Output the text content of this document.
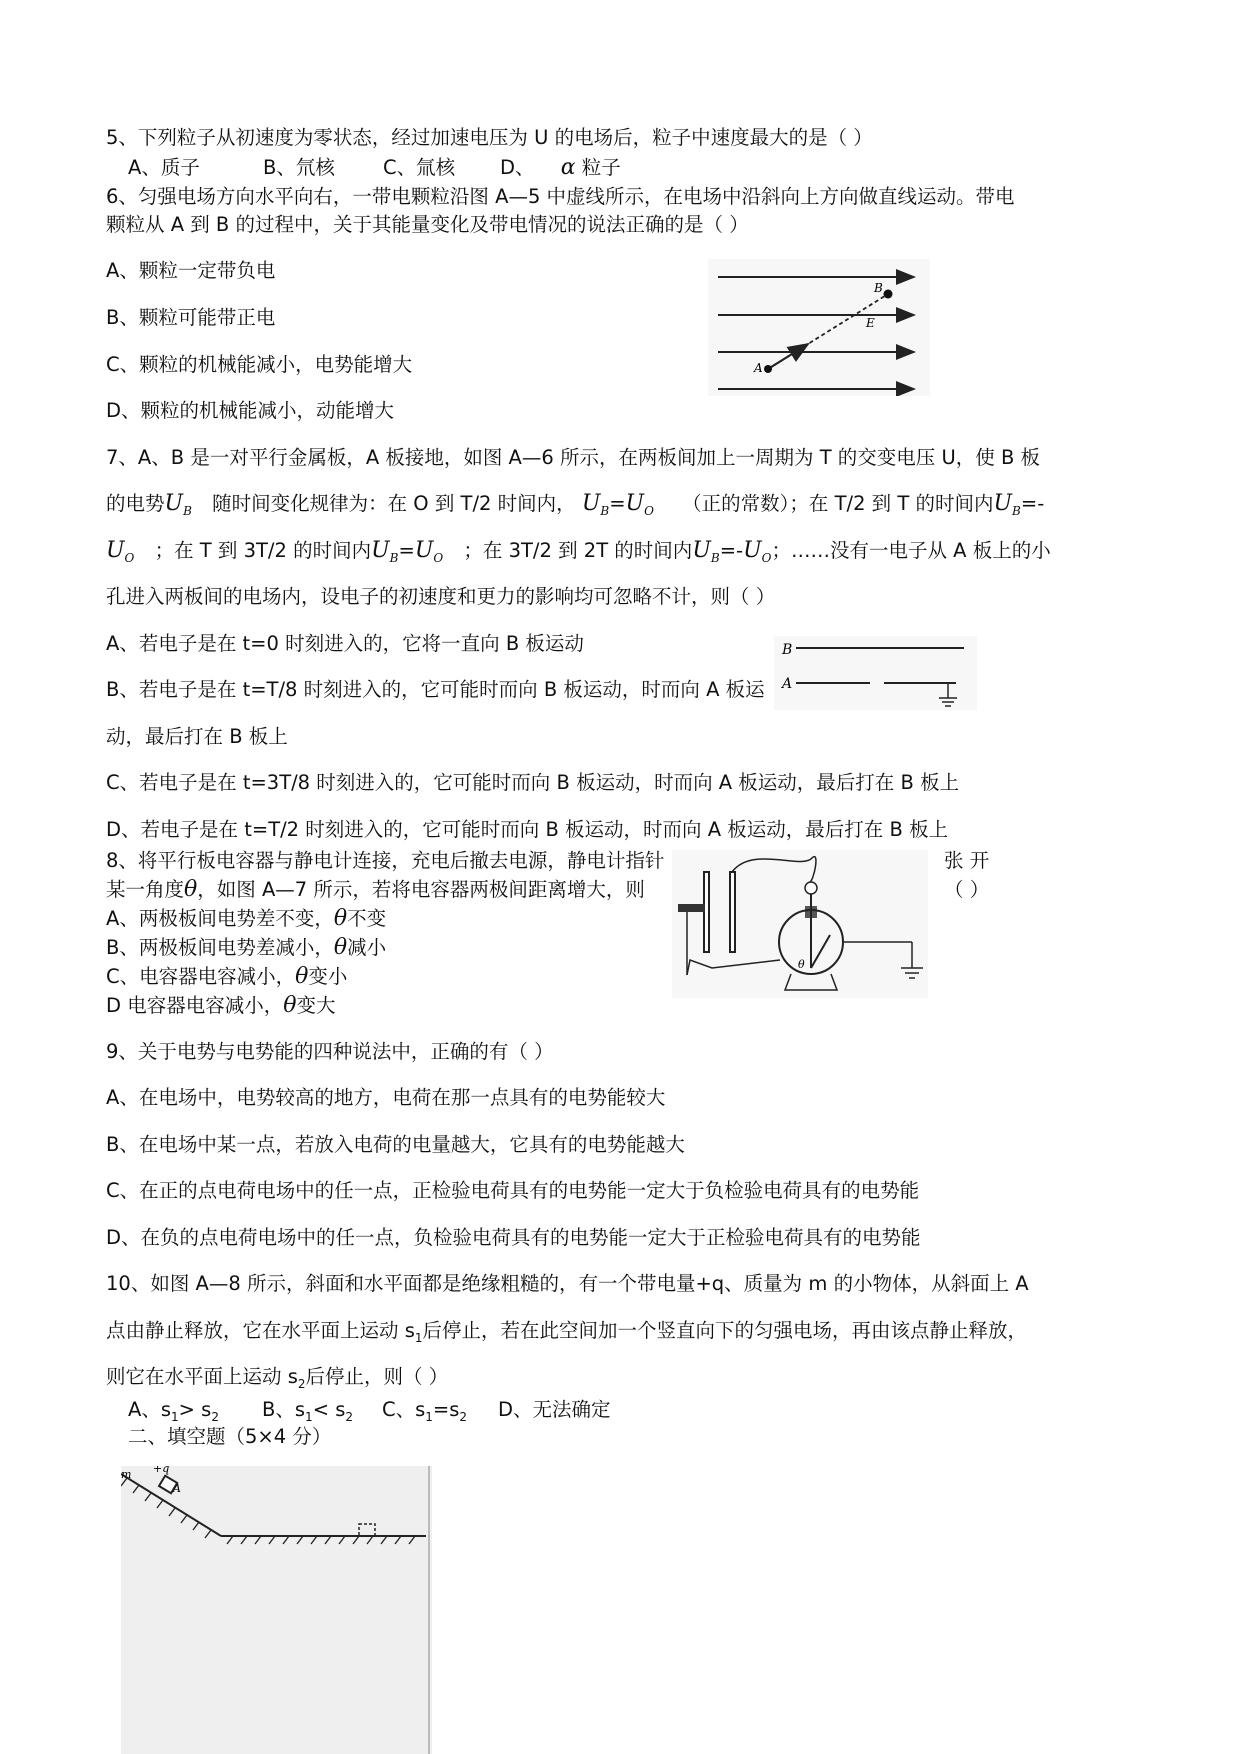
5、下列粒子从初速度为零状态，经过加速电压为 U 的电场后，粒子中速度最大的是（ ）
A、质子	B、氘核 C、氚核 D、 α 粒子
6、匀强电场方向水平向右，一带电颗粒沿图 A—5 中虚线所示，在电场中沿斜向上方向做直线运动。带电
颗粒从 A 到 B 的过程中，关于其能量变化及带电情况的说法正确的是（ ）
A、颗粒一定带负电
B、颗粒可能带正电
C、颗粒的机械能减小，电势能增大
D、颗粒的机械能减小，动能增大
A
B
E
7、A、B 是一对平行金属板，A 板接地，如图 A—6 所示，在两板间加上一周期为 T 的交变电压 U，使 B 板
的电势$U_B$ 随时间变化规律为：在 O 到 T/2 时间内， $U_B=U_O$ （正的常数）；在 T/2 到 T 的时间内$U_B=-$
$U_O$ ；在 T 到 3T/2 的时间内$U_B=U_O$ ；在 3T/2 到 2T 的时间内$U_B=-U_O$；……没有一电子从 A 板上的小
孔进入两板间的电场内，设电子的初速度和更力的影响均可忽略不计，则（ ）
A、若电子是在 t=0 时刻进入的，它将一直向 B 板运动
B、若电子是在 t=T/8 时刻进入的，它可能时而向 B 板运动，时而向 A 板运
动，最后打在 B 板上
C、若电子是在 t=3T/8 时刻进入的，它可能时而向 B 板运动，时而向 A 板运动，最后打在 B 板上
D、若电子是在 t=T/2 时刻进入的，它可能时而向 B 板运动，时而向 A 板运动，最后打在 B 板上
B
A
8、将平行板电容器与静电计连接，充电后撤去电源，静电计指针	张 开
某一角度θ，如图 A—7 所示，若将电容器两极间距离增大，则	（ ）
A、两极板间电势差不变，θ不变
B、两极板间电势差减小，θ减小
C、电容器电容减小，θ变小
D 电容器电容减小，θ变大
θ
9、关于电势与电势能的四种说法中，正确的有（ ）
A、在电场中，电势较高的地方，电荷在那一点具有的电势能较大
B、在电场中某一点，若放入电荷的电量越大，它具有的电势能越大
C、在正的点电荷电场中的任一点，正检验电荷具有的电势能一定大于负检验电荷具有的电势能
D、在负的点电荷电场中的任一点，负检验电荷具有的电势能一定大于正检验电荷具有的电势能
10、如图 A—8 所示，斜面和水平面都是绝缘粗糙的，有一个带电量+q、质量为 m 的小物体，从斜面上 A
点由静止释放，它在水平面上运动 $s_1$后停止，若在此空间加一个竖直向下的匀强电场，再由该点静止释放，
则它在水平面上运动 $s_2$后停止，则（ ）
A、$s_1> s_2$ B、$s_1< s_2$ C、$s_1=s_2$ D、无法确定
二、填空题（5×4 分）
m +q
A
